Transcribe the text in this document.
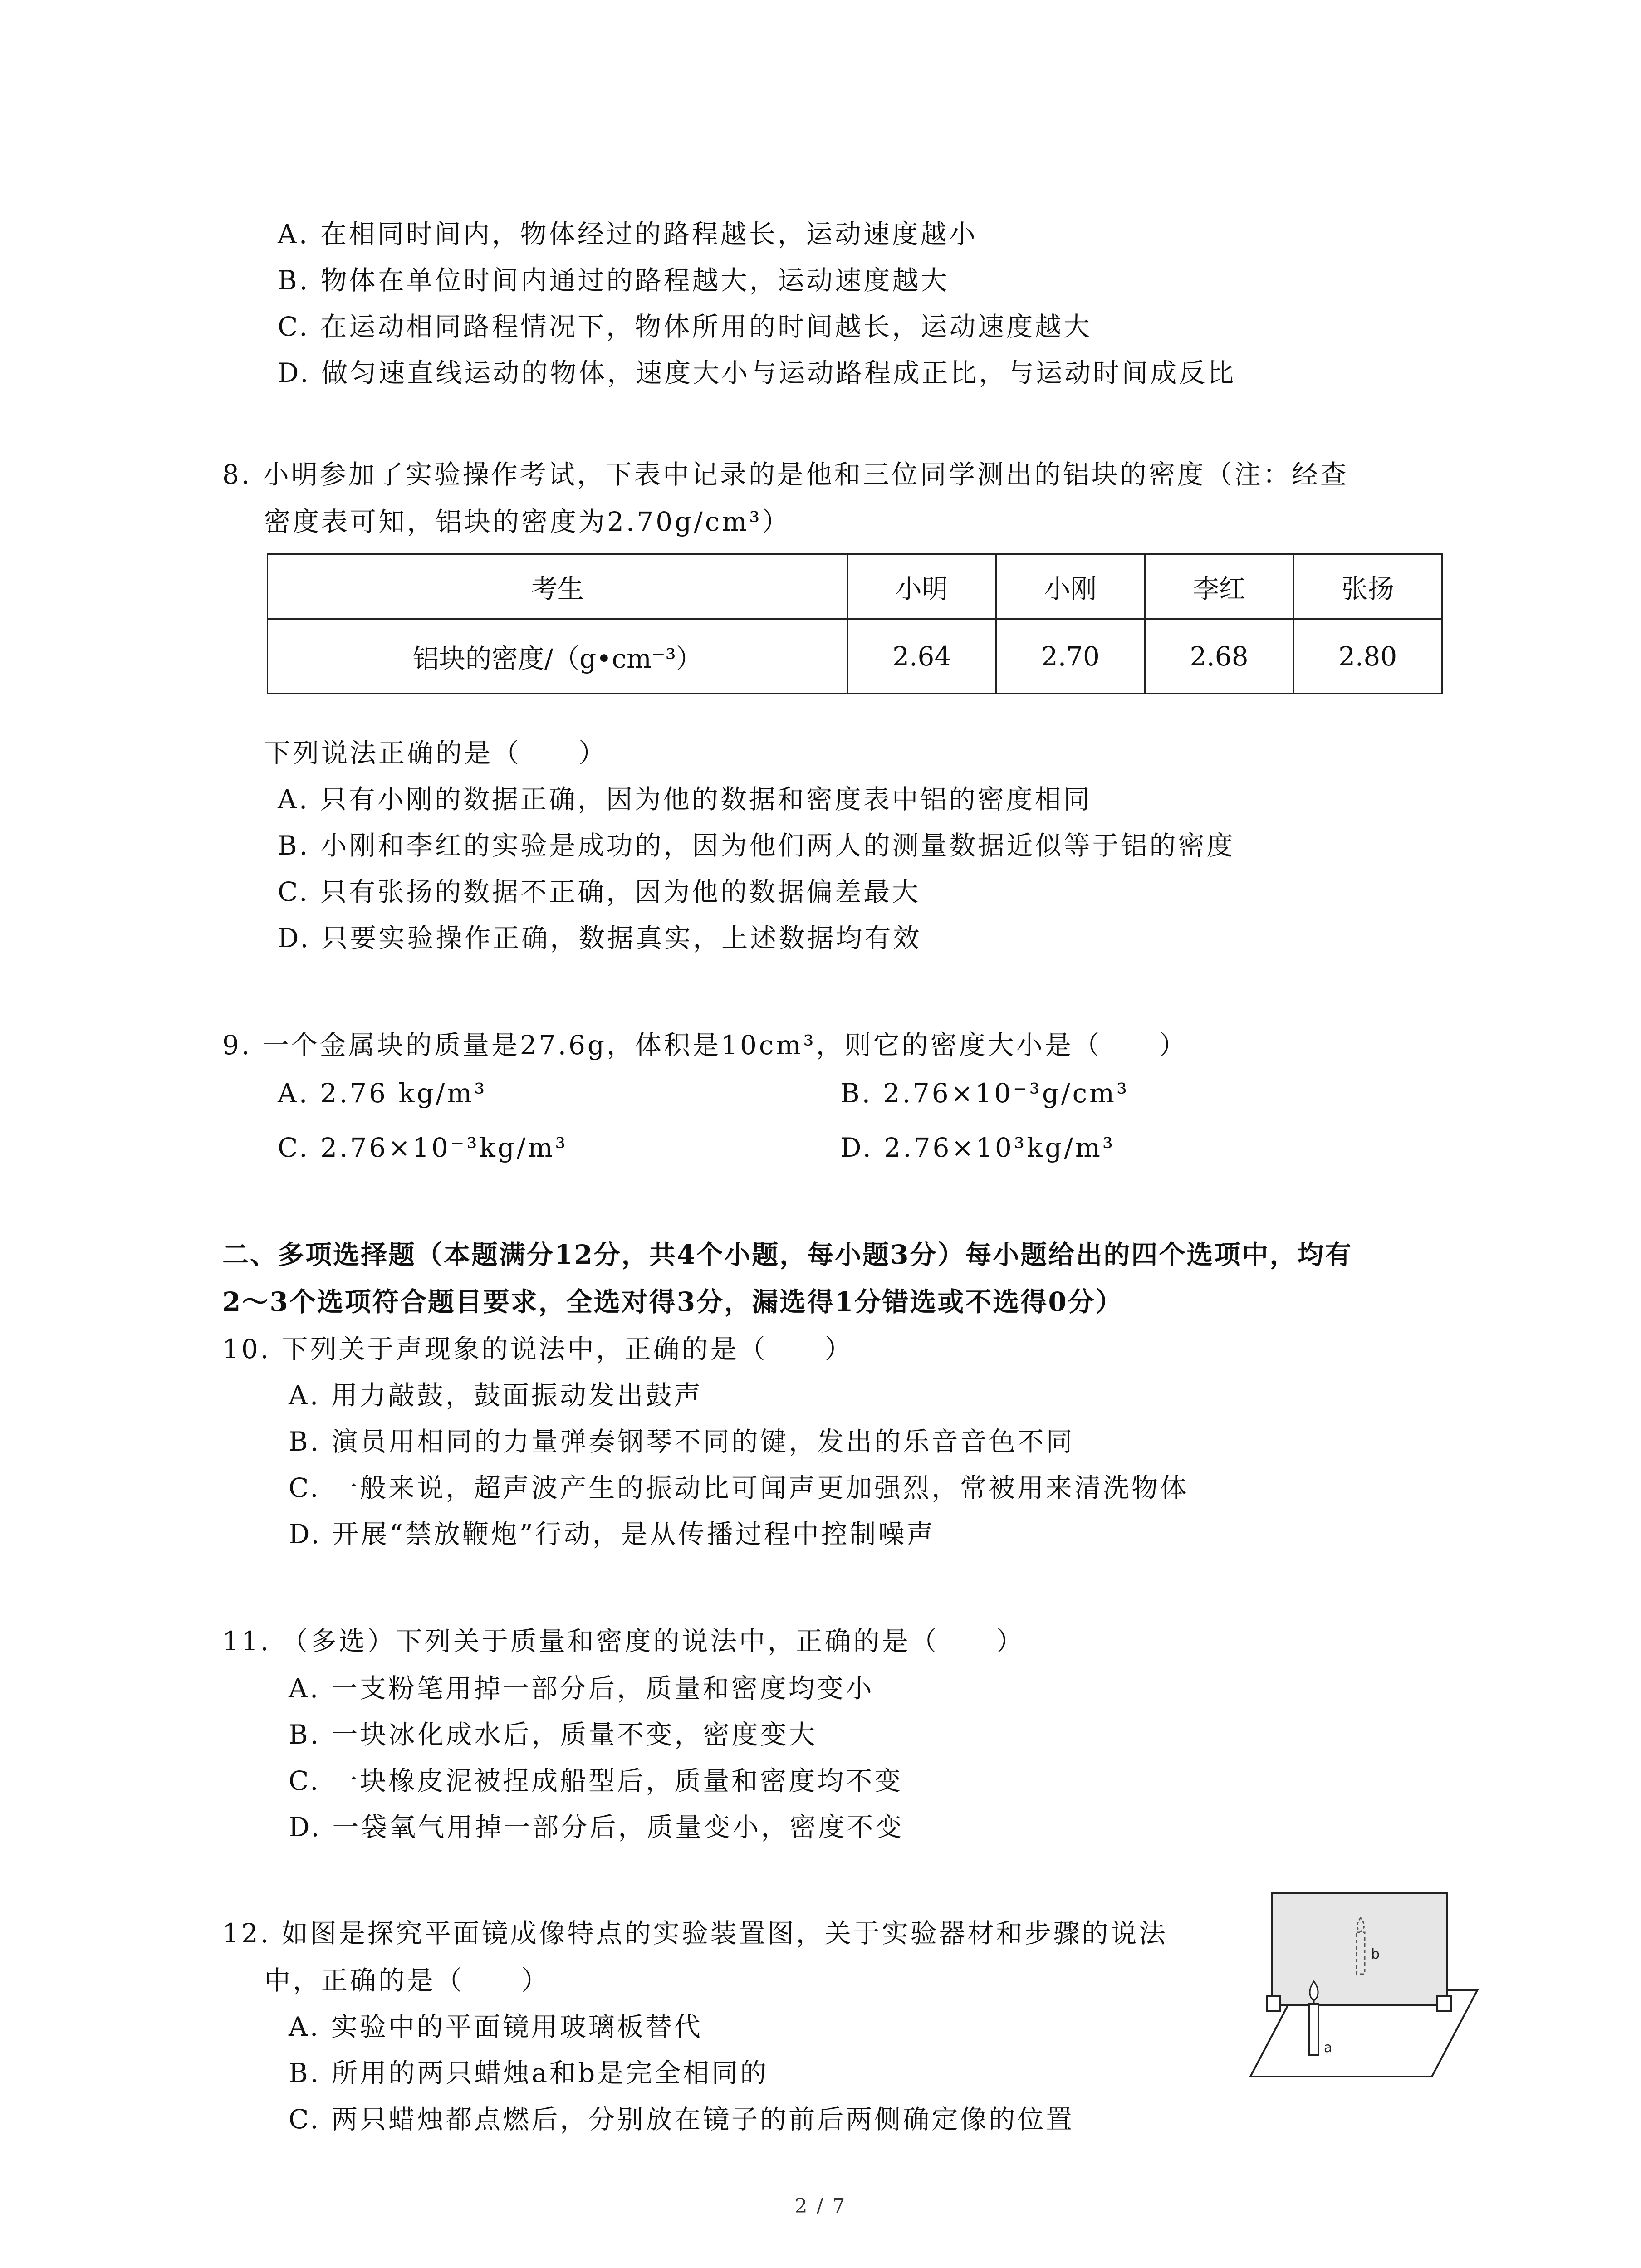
A. 在相同时间内，物体经过的路程越长，运动速度越小
B. 物体在单位时间内通过的路程越大，运动速度越大
C. 在运动相同路程情况下，物体所用的时间越长，运动速度越大
D. 做匀速直线运动的物体，速度大小与运动路程成正比，与运动时间成反比
8. 小明参加了实验操作考试，下表中记录的是他和三位同学测出的铝块的密度（注：经查
密度表可知，铝块的密度为2.70g/cm³）
考生	小明	小刚	李红	张扬
铝块的密度/（g•cm⁻³）	2.64	2.70	2.68	2.80
下列说法正确的是（　　）
A. 只有小刚的数据正确，因为他的数据和密度表中铝的密度相同
B. 小刚和李红的实验是成功的，因为他们两人的测量数据近似等于铝的密度
C. 只有张扬的数据不正确，因为他的数据偏差最大
D. 只要实验操作正确，数据真实，上述数据均有效
9. 一个金属块的质量是27.6g，体积是10cm³，则它的密度大小是（　　）
A. 2.76 kg/m³	B. 2.76×10⁻³g/cm³
C. 2.76×10⁻³kg/m³	D. 2.76×10³kg/m³
二、多项选择题（本题满分12分，共4个小题，每小题3分）每小题给出的四个选项中，均有
2～3个选项符合题目要求，全选对得3分，漏选得1分错选或不选得0分）
10. 下列关于声现象的说法中，正确的是（　　）
A. 用力敲鼓，鼓面振动发出鼓声
B. 演员用相同的力量弹奏钢琴不同的键，发出的乐音音色不同
C. 一般来说，超声波产生的振动比可闻声更加强烈，常被用来清洗物体
D. 开展“禁放鞭炮”行动，是从传播过程中控制噪声
11. （多选）下列关于质量和密度的说法中，正确的是（　　）
A. 一支粉笔用掉一部分后，质量和密度均变小
B. 一块冰化成水后，质量不变，密度变大
C. 一块橡皮泥被捏成船型后，质量和密度均不变
D. 一袋氧气用掉一部分后，质量变小，密度不变
12. 如图是探究平面镜成像特点的实验装置图，关于实验器材和步骤的说法
中，正确的是（　　）
A. 实验中的平面镜用玻璃板替代
B. 所用的两只蜡烛a和b是完全相同的
C. 两只蜡烛都点燃后，分别放在镜子的前后两侧确定像的位置
b
a
2 / 7
